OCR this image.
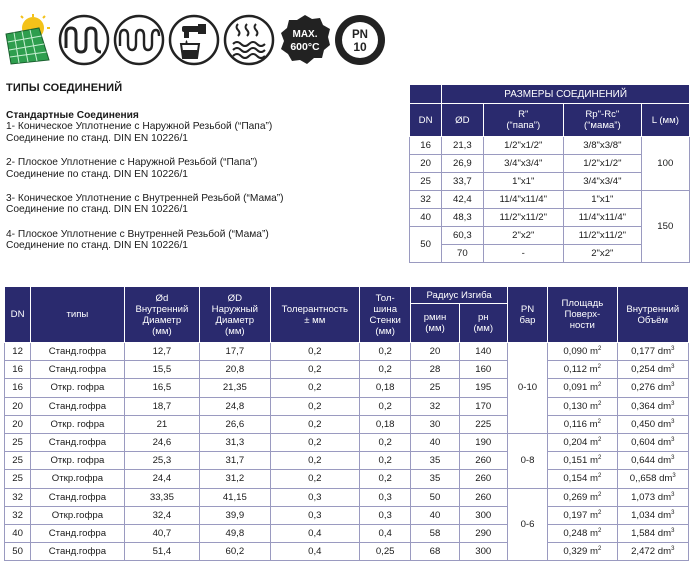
MAX.
600°C
PN
10
ТИПЫ СОЕДИНЕНИЙ
Стандартные Соединения
1- Коническое Уплотнение с Наружной Резьбой (“Папа”)
Соединение по станд. DIN EN 10226/1
2- Плоское Уплотнение с Наружной Резьбой (“Папа”)
Соединение по станд. DIN EN 10226/1
3- Коническое Уплотнение с Внутренней Резьбой (“Мама”)
Соединение по станд. DIN EN 10226/1
4- Плоское Уплотнение с Внутренней Резьбой (“Мама”)
Соединение по станд. DIN EN 10226/1
	РАЗМЕРЫ СОЕДИНЕНИЙ			
DN	ØD	R"
(“папа”)	Rp"-Rc"
(“мама”)	L (мм)
16	21,3	1/2"x1/2"	3/8"x3/8"	100
20	26,9	3/4"x3/4"	1/2"x1/2"	
25	33,7	1"x1"	3/4"x3/4"	
32	42,4	11/4"x11/4"	1"x1"	150
40	48,3	11/2"x11/2"	11/4"x11/4"	
50	60,3	2"x2"	11/2"x11/2"	
	70	-	2"x2"	
DN	типы	Ød
Внутренний
Диаметр
(мм)	ØD
Наружный
Диаметр
(мм)	Толерантность
± мм	Тол-
шина
Стенки
(мм)	Радиус Изгиба		PN
бар	Площадь
Поверх-
ности	Внутренний
Объём
						рмин
(мм)	рн
(мм)			
12	Станд.гофра	12,7	17,7	0,2	0,2	20	140	0-10	0,090 $m^2$	0,177 $dm^3$
16	Станд.гофра	15,5	20,8	0,2	0,2	28	160		0,112 $m^2$	0,254 $dm^3$
16	Откр. гофра	16,5	21,35	0,2	0,18	25	195		0,091 $m^2$	0,276 $dm^3$
20	Станд.гофра	18,7	24,8	0,2	0,2	32	170		0,130 $m^2$	0,364 $dm^3$
20	Откр. гофра	21	26,6	0,2	0,18	30	225		0,116 $m^2$	0,450 $dm^3$
25	Станд.гофра	24,6	31,3	0,2	0,2	40	190	0-8	0,204 $m^2$	0,604 $dm^3$
25	Откр. гофра	25,3	31,7	0,2	0,2	35	260		0,151 $m^2$	0,644 $dm^3$
25	Откр.гофра	24,4	31,2	0,2	0,2	35	260		0,154 $m^2$	0,,658 $dm^3$
32	Станд.гофра	33,35	41,15	0,3	0,3	50	260	0-6	0,269 $m^2$	1,073 $dm^3$
32	Откр.гофра	32,4	39,9	0,3	0,3	40	300		0,197 $m^2$	1,034 $dm^3$
40	Станд.гофра	40,7	49,8	0,4	0,4	58	290		0,248 $m^2$	1,584 $dm^3$
50	Станд.гофра	51,4	60,2	0,4	0,25	68	300		0,329 $m^2$	2,472 $dm^3$
